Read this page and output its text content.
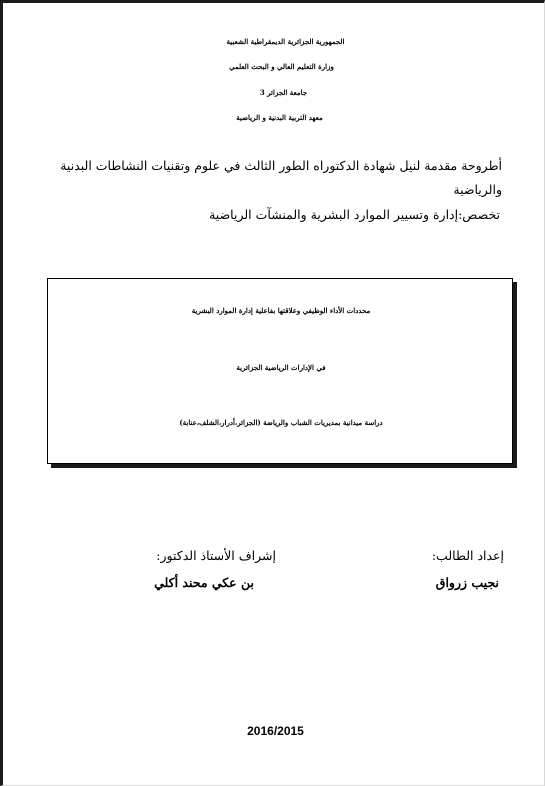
الجمهورية الجزائرية الديمقراطية الشعبية
وزارة التعليم العالي و البحث العلمي
جامعة الجزائر 3
معهد التربية البدنية و الرياضية
أطروحة مقدمة لنيل شهادة الدكتوراه الطور الثالث في علوم وتقنيات النشاطات البدنية
والرياضية
تخصص:إدارة وتسيير الموارد البشرية والمنشآت الرياضية
محددات الأداء الوظيفي وعلاقتها بفاعلية إدارة الموارد البشرية
في الإدارات الرياضية الجزائرية
دراسة ميدانية بمديريات الشباب والرياضة (الجزائر،أدرار،الشلف،عنابة)
إعداد الطالب:
نجيب زرواق
إشراف الأستاذ الدكتور:
بن عكي محند أكلي
2016/2015
